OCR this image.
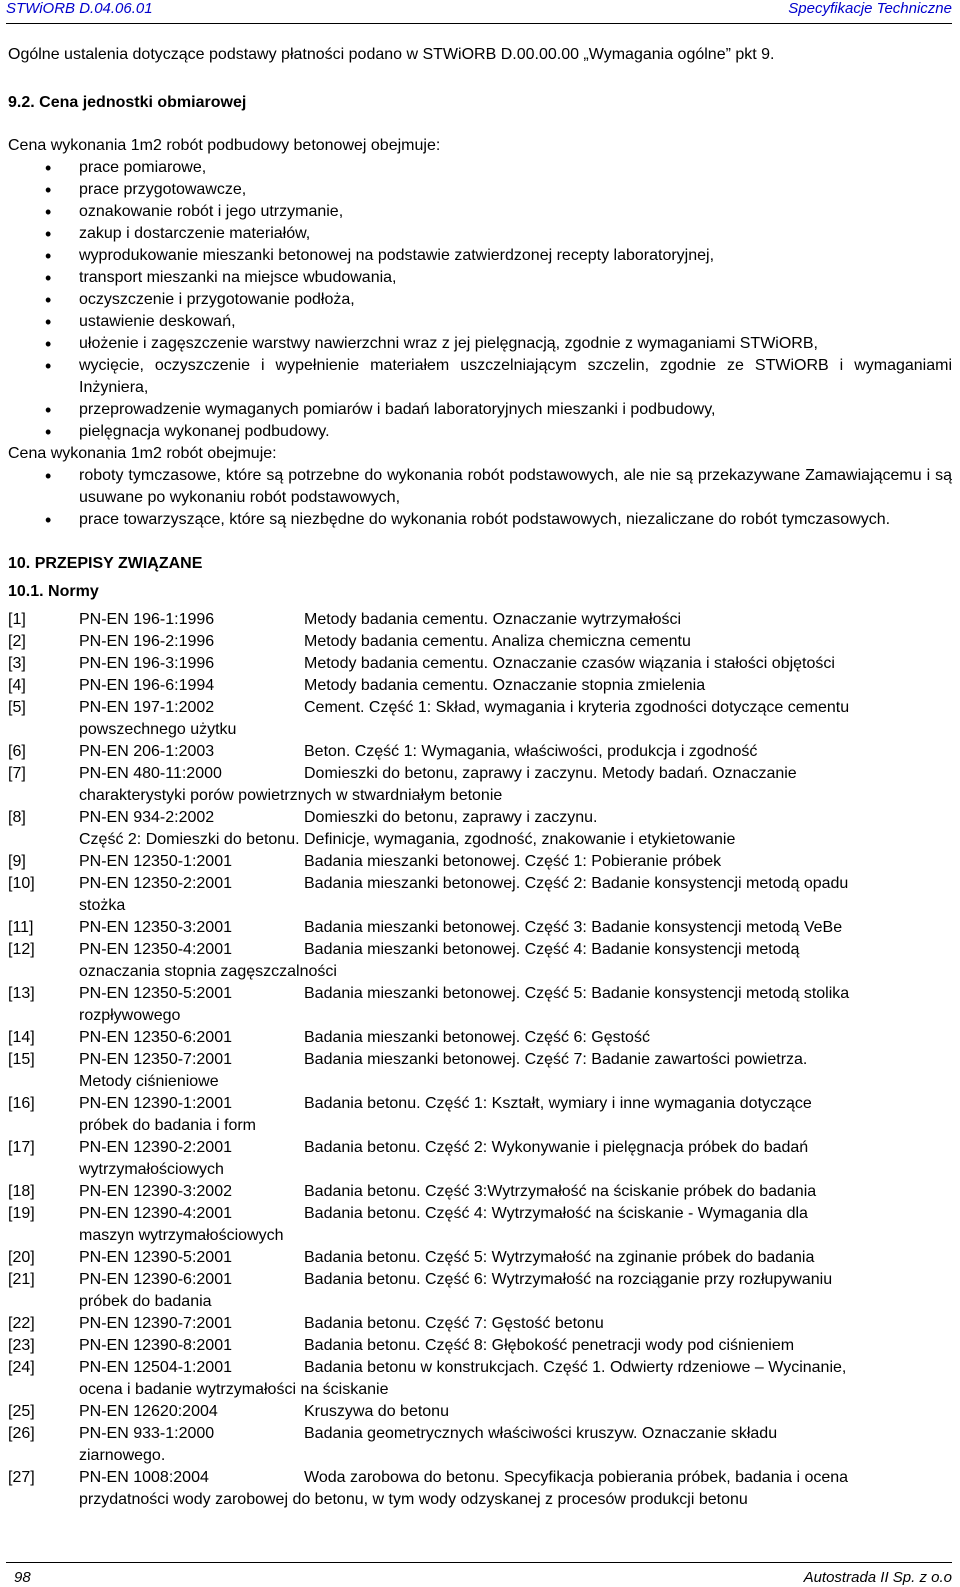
STWiORB D.04.06.01	Specyfikacje Techniczne

Ogólne ustalenia dotyczące podstawy płatności podano w STWiORB D.00.00.00 „Wymagania ogólne” pkt 9.

9.2. Cena jednostki obmiarowej

Cena wykonania 1m2 robót podbudowy betonowej obejmuje:

• prace pomiarowe,
• prace przygotowawcze,
• oznakowanie robót i jego utrzymanie,
• zakup i dostarczenie materiałów,
• wyprodukowanie mieszanki betonowej na podstawie zatwierdzonej recepty laboratoryjnej,
• transport mieszanki na miejsce wbudowania,
• oczyszczenie i przygotowanie podłoża,
• ustawienie deskowań,
• ułożenie i zagęszczenie warstwy nawierzchni wraz z jej pielęgnacją, zgodnie z wymaganiami STWiORB,
• wycięcie, oczyszczenie i wypełnienie materiałem uszczelniającym szczelin, zgodnie ze STWiORB i wymaganiami Inżyniera,
• przeprowadzenie wymaganych pomiarów i badań laboratoryjnych mieszanki i podbudowy,
• pielęgnacja wykonanej podbudowy.

Cena wykonania 1m2 robót obejmuje:

• roboty tymczasowe, które są potrzebne do wykonania robót podstawowych, ale nie są przekazywane Zamawiającemu i są usuwane po wykonaniu robót podstawowych,
• prace towarzyszące, które są niezbędne do wykonania robót podstawowych, niezaliczane do robót tymczasowych.

10. PRZEPISY ZWIĄZANE

10.1. Normy

[1]	PN-EN 196-1:1996	Metody badania cementu. Oznaczanie wytrzymałości
[2]	PN-EN 196-2:1996	Metody badania cementu. Analiza chemiczna cementu
[3]	PN-EN 196-3:1996	Metody badania cementu. Oznaczanie czasów wiązania i stałości objętości
[4]	PN-EN 196-6:1994	Metody badania cementu. Oznaczanie stopnia zmielenia
[5]	PN-EN 197-1:2002	Cement. Część 1: Skład, wymagania i kryteria zgodności dotyczące cementu
powszechnego użytku
[6]	PN-EN 206-1:2003	Beton. Część 1: Wymagania, właściwości, produkcja i zgodność
[7]	PN-EN 480-11:2000	Domieszki do betonu, zaprawy i zaczynu. Metody badań. Oznaczanie
charakterystyki porów powietrznych w stwardniałym betonie
[8]	PN-EN 934-2:2002	Domieszki do betonu, zaprawy i zaczynu.
Część 2: Domieszki do betonu. Definicje, wymagania, zgodność, znakowanie i etykietowanie
[9]	PN-EN 12350-1:2001	Badania mieszanki betonowej. Część 1: Pobieranie próbek
[10]	PN-EN 12350-2:2001	Badania mieszanki betonowej. Część 2: Badanie konsystencji metodą opadu
stożka
[11]	PN-EN 12350-3:2001	Badania mieszanki betonowej. Część 3: Badanie konsystencji metodą VeBe
[12]	PN-EN 12350-4:2001	Badania mieszanki betonowej. Część 4: Badanie konsystencji metodą
oznaczania stopnia zagęszczalności
[13]	PN-EN 12350-5:2001	Badania mieszanki betonowej. Część 5: Badanie konsystencji metodą stolika
rozpływowego
[14]	PN-EN 12350-6:2001	Badania mieszanki betonowej. Część 6: Gęstość
[15]	PN-EN 12350-7:2001	Badania mieszanki betonowej. Część 7: Badanie zawartości powietrza.
Metody ciśnieniowe
[16]	PN-EN 12390-1:2001	Badania betonu. Część 1: Kształt, wymiary i inne wymagania dotyczące
próbek do badania i form
[17]	PN-EN 12390-2:2001	Badania betonu. Część 2: Wykonywanie i pielęgnacja próbek do badań
wytrzymałościowych
[18]	PN-EN 12390-3:2002	Badania betonu. Część 3:Wytrzymałość na ściskanie próbek do badania
[19]	PN-EN 12390-4:2001	Badania betonu. Część 4: Wytrzymałość na ściskanie - Wymagania dla
maszyn wytrzymałościowych
[20]	PN-EN 12390-5:2001	Badania betonu. Część 5: Wytrzymałość na zginanie próbek do badania
[21]	PN-EN 12390-6:2001	Badania betonu. Część 6: Wytrzymałość na rozciąganie przy rozłupywaniu
próbek do badania
[22]	PN-EN 12390-7:2001	Badania betonu. Część 7: Gęstość betonu
[23]	PN-EN 12390-8:2001	Badania betonu. Część 8: Głębokość penetracji wody pod ciśnieniem
[24]	PN-EN 12504-1:2001	Badania betonu w konstrukcjach. Część 1. Odwierty rdzeniowe – Wycinanie,
ocena i badanie wytrzymałości na ściskanie
[25]	PN-EN 12620:2004	Kruszywa do betonu
[26]	PN-EN 933-1:2000	Badania geometrycznych właściwości kruszyw. Oznaczanie składu
ziarnowego.
[27]	PN-EN 1008:2004	Woda zarobowa do betonu. Specyfikacja pobierania próbek, badania i ocena
przydatności wody zarobowej do betonu, w tym wody odzyskanej z procesów produkcji betonu
98	Autostrada II Sp. z o.o
